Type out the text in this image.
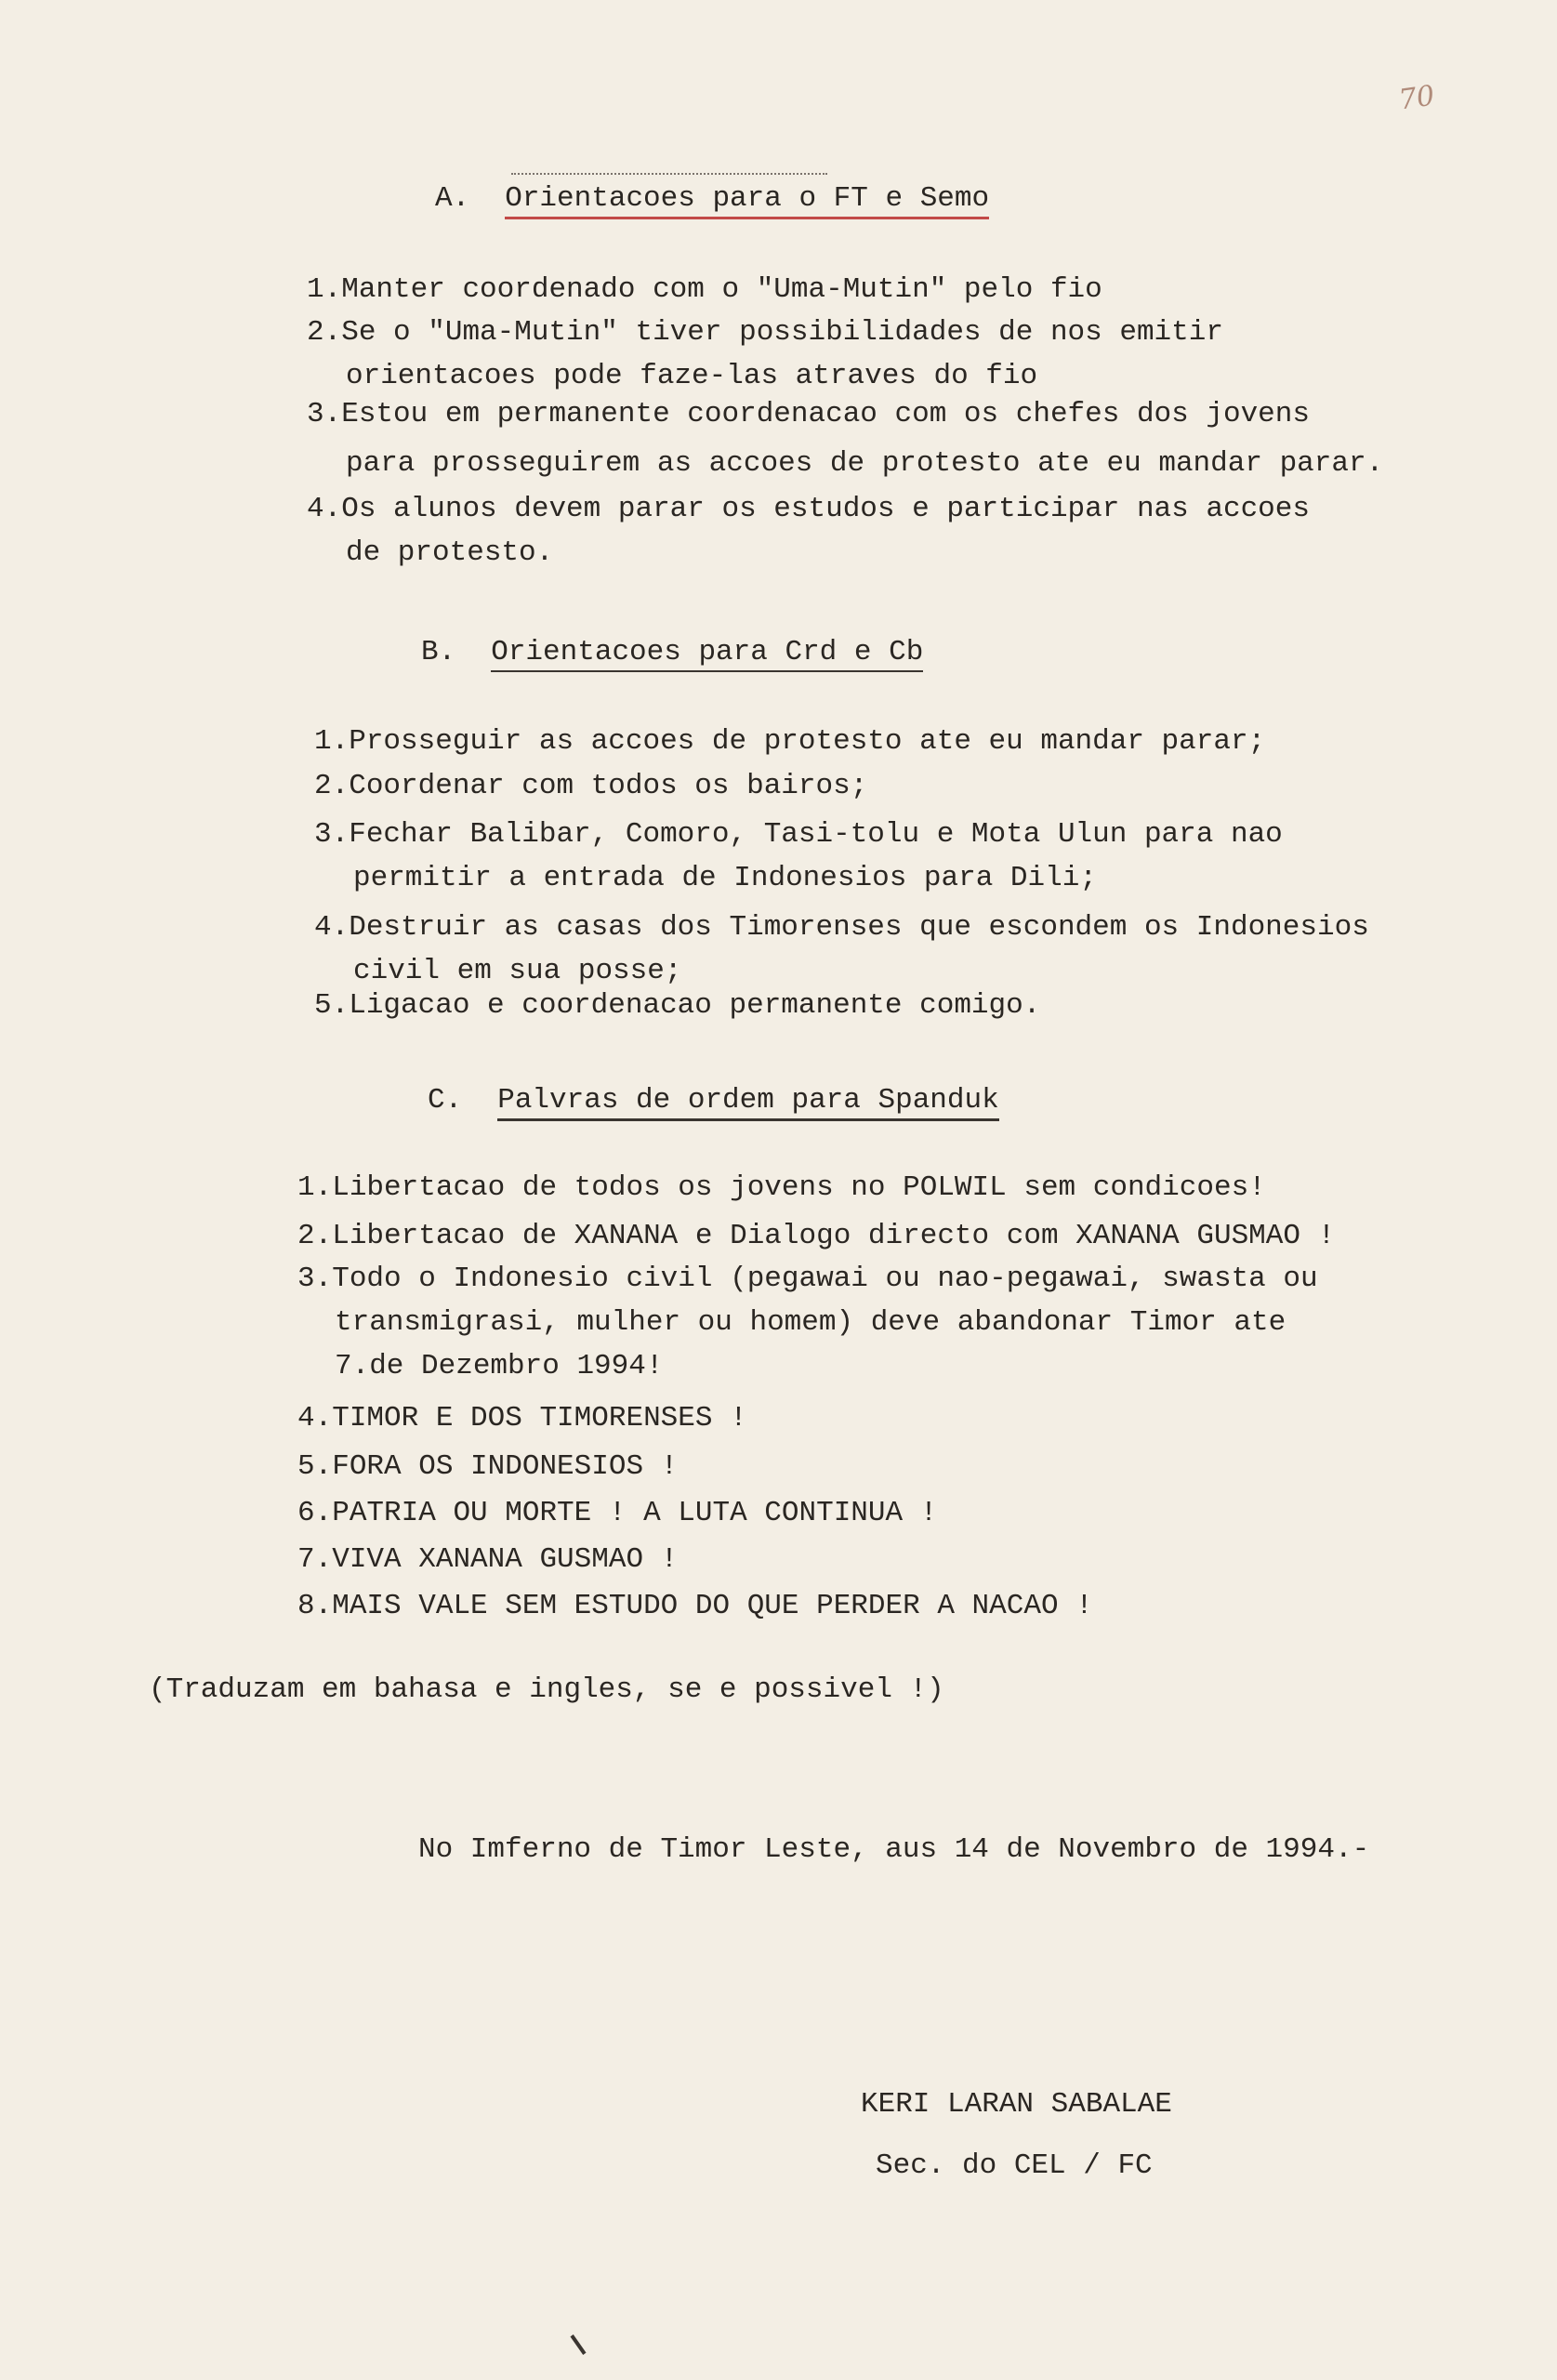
70
A. Orientacoes para o FT e Semo
1.Manter coordenado com o "Uma-Mutin" pelo fio
2.Se o "Uma-Mutin" tiver possibilidades de nos emitir
orientacoes pode faze-las atraves do fio
3.Estou em permanente coordenacao com os chefes dos jovens
para prosseguirem as accoes de protesto ate eu mandar parar.
4.Os alunos devem parar os estudos e participar nas accoes
de protesto.
B. Orientacoes para Crd e Cb
1.Prosseguir as accoes de protesto ate eu mandar parar;
2.Coordenar com todos os bairos;
3.Fechar Balibar, Comoro, Tasi-tolu e Mota Ulun para nao
permitir a entrada de Indonesios para Dili;
4.Destruir as casas dos Timorenses que escondem os Indonesios
civil em sua posse;
5.Ligacao e coordenacao permanente comigo.
C. Palvras de ordem para Spanduk
1.Libertacao de todos os jovens no POLWIL sem condicoes!
2.Libertacao de XANANA e Dialogo directo com XANANA GUSMAO !
3.Todo o Indonesio civil (pegawai ou nao-pegawai, swasta ou
transmigrasi, mulher ou homem) deve abandonar Timor ate
7.de Dezembro 1994!
4.TIMOR E DOS TIMORENSES !
5.FORA OS INDONESIOS !
6.PATRIA OU MORTE ! A LUTA CONTINUA !
7.VIVA XANANA GUSMAO !
8.MAIS VALE SEM ESTUDO DO QUE PERDER A NACAO !
(Traduzam em bahasa e ingles, se e possivel !)
No Imferno de Timor Leste, aus 14 de Novembro de 1994.-
KERI LARAN SABALAE
Sec. do CEL / FC
